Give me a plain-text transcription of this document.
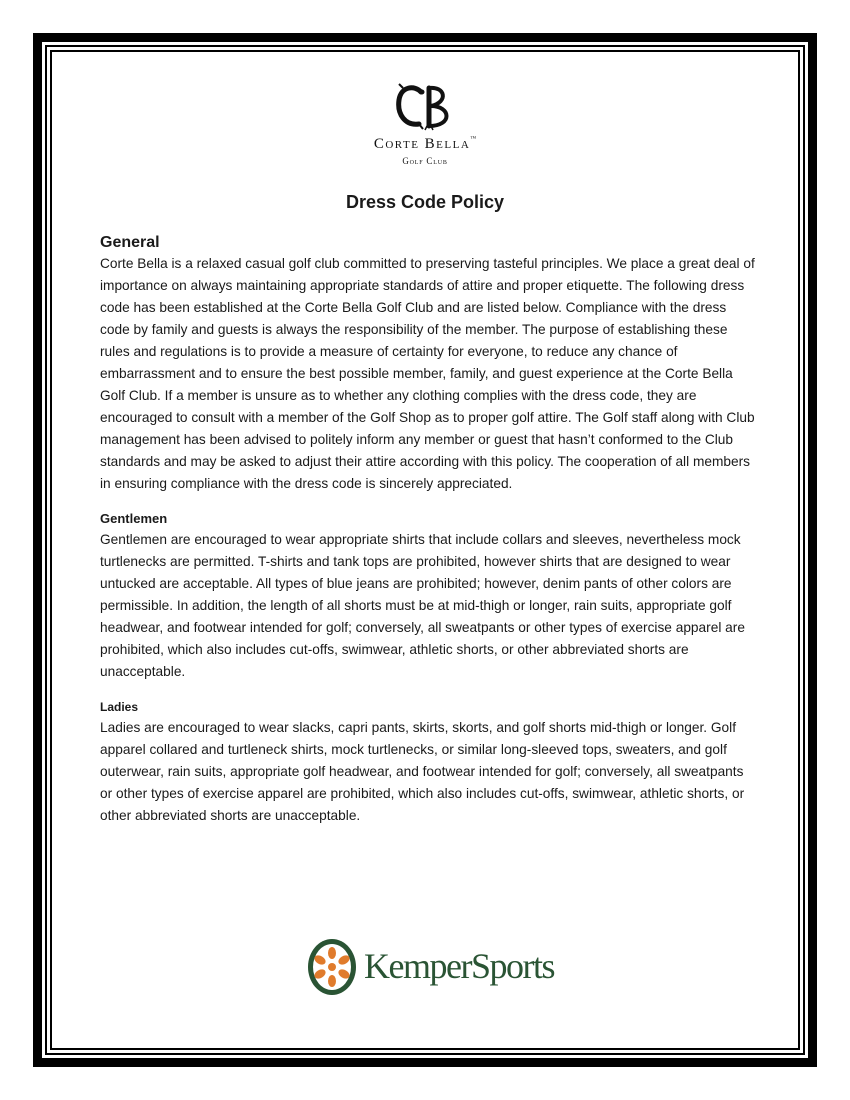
Corte Bella™
Golf Club
Dress Code Policy
General

Corte Bella is a relaxed casual golf club committed to preserving tasteful principles. We place a great deal of importance on always maintaining appropriate standards of attire and proper etiquette. The following dress code has been established at the Corte Bella Golf Club and are listed below. Compliance with the dress code by family and guests is always the responsibility of the member. The purpose of establishing these rules and regulations is to provide a measure of certainty for everyone, to reduce any chance of embarrassment and to ensure the best possible member, family, and guest experience at the Corte Bella Golf Club. If a member is unsure as to whether any clothing complies with the dress code, they are encouraged to consult with a member of the Golf Shop as to proper golf attire. The Golf staff along with Club management has been advised to politely inform any member or guest that hasn’t conformed to the Club standards and may be asked to adjust their attire according with this policy. The cooperation of all members in ensuring compliance with the dress code is sincerely appreciated.

Gentlemen

Gentlemen are encouraged to wear appropriate shirts that include collars and sleeves, nevertheless mock turtlenecks are permitted. T-shirts and tank tops are prohibited, however shirts that are designed to wear untucked are acceptable. All types of blue jeans are prohibited; however, denim pants of other colors are permissible. In addition, the length of all shorts must be at mid-thigh or longer, rain suits, appropriate golf headwear, and footwear intended for golf; conversely, all sweatpants or other types of exercise apparel are prohibited, which also includes cut-offs, swimwear, athletic shorts, or other abbreviated shorts are unacceptable.

Ladies

Ladies are encouraged to wear slacks, capri pants, skirts, skorts, and golf shorts mid-thigh or longer. Golf apparel collared and turtleneck shirts, mock turtlenecks, or similar long-sleeved tops, sweaters, and golf outerwear, rain suits, appropriate golf headwear, and footwear intended for golf; conversely, all sweatpants or other types of exercise apparel are prohibited, which also includes cut-offs, swimwear, athletic shorts, or other abbreviated shorts are unacceptable.

KemperSports
